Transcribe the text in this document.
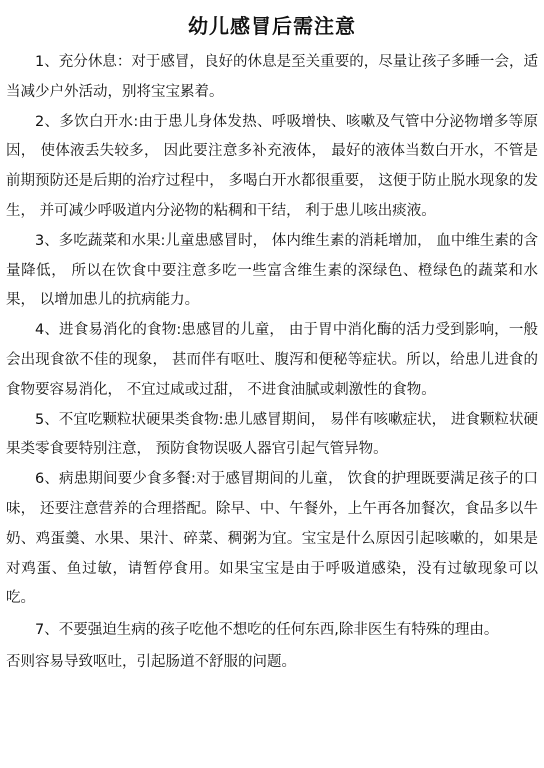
幼儿感冒后需注意

1、充分休息：对于感冒，良好的休息是至关重要的，尽量让孩子多睡一会，适当减少户外活动，别将宝宝累着。

2、多饮白开水:由于患儿身体发热、呼吸增快、咳嗽及气管中分泌物增多等原因， 使体液丢失较多， 因此要注意多补充液体， 最好的液体当数白开水，不管是前期预防还是后期的治疗过程中， 多喝白开水都很重要， 这便于防止脱水现象的发生， 并可减少呼吸道内分泌物的粘稠和干结， 利于患儿咳出痰液。

3、多吃蔬菜和水果:儿童患感冒时， 体内维生素的消耗增加， 血中维生素的含量降低， 所以在饮食中要注意多吃一些富含维生素的深绿色、橙绿色的蔬菜和水果， 以增加患儿的抗病能力。

4、进食易消化的食物:患感冒的儿童， 由于胃中消化酶的活力受到影响，一般会出现食欲不佳的现象， 甚而伴有呕吐、腹泻和便秘等症状。所以，给患儿进食的食物要容易消化， 不宜过咸或过甜， 不进食油腻或刺激性的食物。

5、不宜吃颗粒状硬果类食物:患儿感冒期间， 易伴有咳嗽症状， 进食颗粒状硬果类零食要特别注意， 预防食物误吸人器官引起气管异物。

6、病患期间要少食多餐:对于感冒期间的儿童， 饮食的护理既要满足孩子的口味， 还要注意营养的合理搭配。除早、中、午餐外，上午再各加餐次，食品多以牛奶、鸡蛋羹、水果、果汁、碎菜、稠粥为宜。宝宝是什么原因引起咳嗽的，如果是对鸡蛋、鱼过敏，请暂停食用。如果宝宝是由于呼吸道感染，没有过敏现象可以吃。

7、不要强迫生病的孩子吃他不想吃的任何东西,除非医生有特殊的理由。

否则容易导致呕吐，引起肠道不舒服的问题。
